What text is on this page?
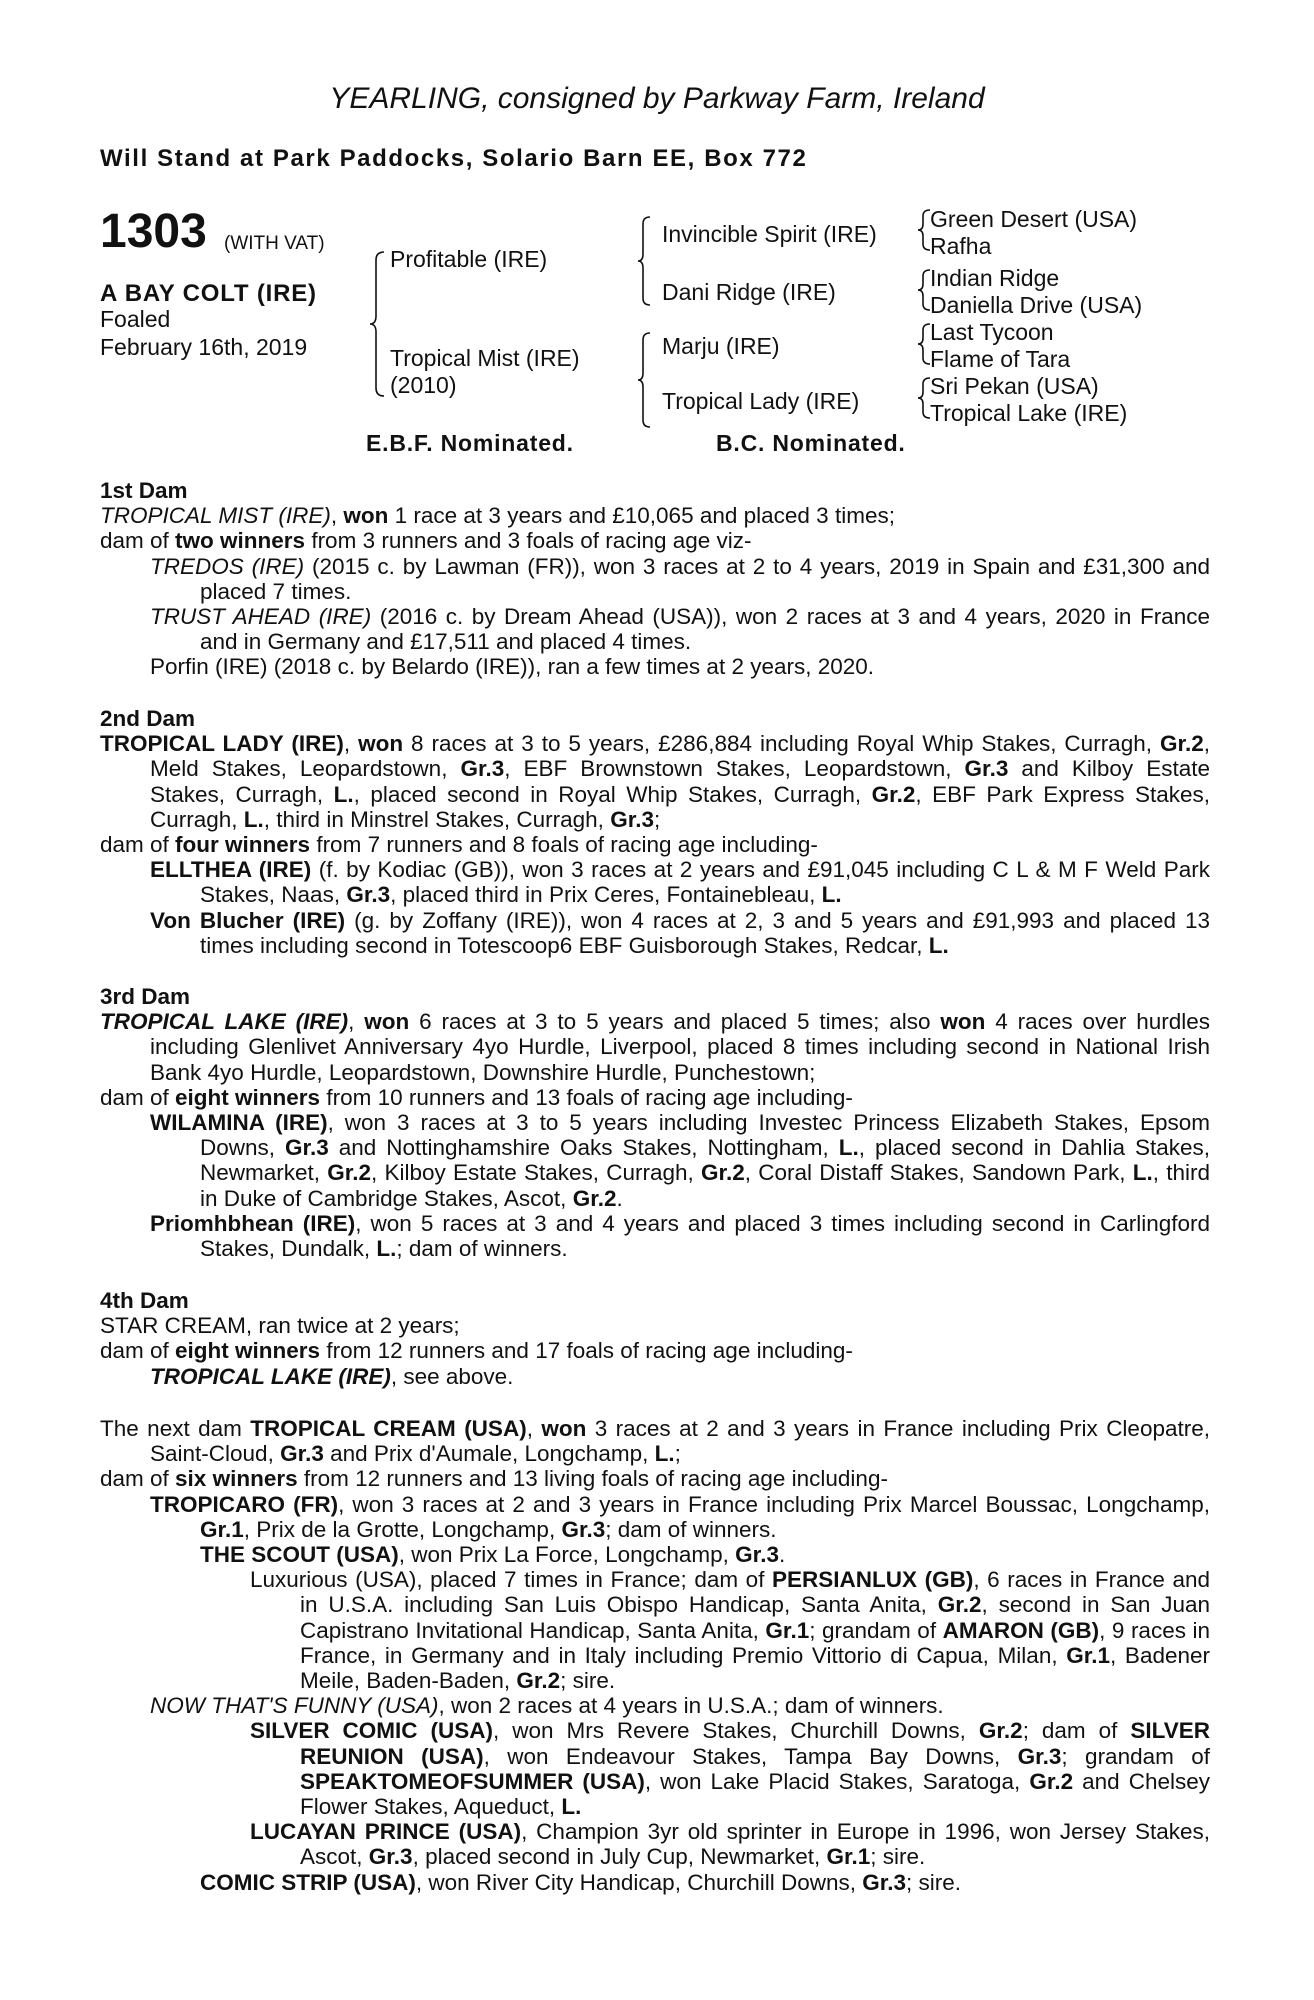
YEARLING, consigned by Parkway Farm, Ireland
Will Stand at Park Paddocks, Solario Barn EE, Box 772
1303 (WITH VAT)
A BAY COLT (IRE)
Foaled
February 16th, 2019
Profitable (IRE)
Tropical Mist (IRE)
(2010)
Invincible Spirit (IRE)
Dani Ridge (IRE)
Marju (IRE)
Tropical Lady (IRE)
Green Desert (USA)
Rafha
Indian Ridge
Daniella Drive (USA)
Last Tycoon
Flame of Tara
Sri Pekan (USA)
Tropical Lake (IRE)
E.B.F. Nominated.	B.C. Nominated.
1st Dam
TROPICAL MIST (IRE), won 1 race at 3 years and £10,065 and placed 3 times;
dam of two winners from 3 runners and 3 foals of racing age viz-
TREDOS (IRE) (2015 c. by Lawman (FR)), won 3 races at 2 to 4 years, 2019 in Spain and £31,300 and placed 7 times.
TRUST AHEAD (IRE) (2016 c. by Dream Ahead (USA)), won 2 races at 3 and 4 years, 2020 in France and in Germany and £17,511 and placed 4 times.
Porfin (IRE) (2018 c. by Belardo (IRE)), ran a few times at 2 years, 2020.
2nd Dam
TROPICAL LADY (IRE), won 8 races at 3 to 5 years, £286,884 including Royal Whip Stakes, Curragh, Gr.2, Meld Stakes, Leopardstown, Gr.3, EBF Brownstown Stakes, Leopardstown, Gr.3 and Kilboy Estate Stakes, Curragh, L., placed second in Royal Whip Stakes, Curragh, Gr.2, EBF Park Express Stakes, Curragh, L., third in Minstrel Stakes, Curragh, Gr.3;
dam of four winners from 7 runners and 8 foals of racing age including-
ELLTHEA (IRE) (f. by Kodiac (GB)), won 3 races at 2 years and £91,045 including C L & M F Weld Park Stakes, Naas, Gr.3, placed third in Prix Ceres, Fontainebleau, L.
Von Blucher (IRE) (g. by Zoffany (IRE)), won 4 races at 2, 3 and 5 years and £91,993 and placed 13 times including second in Totescoop6 EBF Guisborough Stakes, Redcar, L.
3rd Dam
TROPICAL LAKE (IRE), won 6 races at 3 to 5 years and placed 5 times; also won 4 races over hurdles including Glenlivet Anniversary 4yo Hurdle, Liverpool, placed 8 times including second in National Irish Bank 4yo Hurdle, Leopardstown, Downshire Hurdle, Punchestown;
dam of eight winners from 10 runners and 13 foals of racing age including-
WILAMINA (IRE), won 3 races at 3 to 5 years including Investec Princess Elizabeth Stakes, Epsom Downs, Gr.3 and Nottinghamshire Oaks Stakes, Nottingham, L., placed second in Dahlia Stakes, Newmarket, Gr.2, Kilboy Estate Stakes, Curragh, Gr.2, Coral Distaff Stakes, Sandown Park, L., third in Duke of Cambridge Stakes, Ascot, Gr.2.
Priomhbhean (IRE), won 5 races at 3 and 4 years and placed 3 times including second in Carlingford Stakes, Dundalk, L.; dam of winners.
4th Dam
STAR CREAM, ran twice at 2 years;
dam of eight winners from 12 runners and 17 foals of racing age including-
TROPICAL LAKE (IRE), see above.
The next dam TROPICAL CREAM (USA), won 3 races at 2 and 3 years in France including Prix Cleopatre, Saint-Cloud, Gr.3 and Prix d'Aumale, Longchamp, L.;
dam of six winners from 12 runners and 13 living foals of racing age including-
TROPICARO (FR), won 3 races at 2 and 3 years in France including Prix Marcel Boussac, Longchamp, Gr.1, Prix de la Grotte, Longchamp, Gr.3; dam of winners.
THE SCOUT (USA), won Prix La Force, Longchamp, Gr.3.
Luxurious (USA), placed 7 times in France; dam of PERSIANLUX (GB), 6 races in France and in U.S.A. including San Luis Obispo Handicap, Santa Anita, Gr.2, second in San Juan Capistrano Invitational Handicap, Santa Anita, Gr.1; grandam of AMARON (GB), 9 races in France, in Germany and in Italy including Premio Vittorio di Capua, Milan, Gr.1, Badener Meile, Baden-Baden, Gr.2; sire.
NOW THAT'S FUNNY (USA), won 2 races at 4 years in U.S.A.; dam of winners.
SILVER COMIC (USA), won Mrs Revere Stakes, Churchill Downs, Gr.2; dam of SILVER REUNION (USA), won Endeavour Stakes, Tampa Bay Downs, Gr.3; grandam of SPEAKTOMEOFSUMMER (USA), won Lake Placid Stakes, Saratoga, Gr.2 and Chelsey Flower Stakes, Aqueduct, L.
LUCAYAN PRINCE (USA), Champion 3yr old sprinter in Europe in 1996, won Jersey Stakes, Ascot, Gr.3, placed second in July Cup, Newmarket, Gr.1; sire.
COMIC STRIP (USA), won River City Handicap, Churchill Downs, Gr.3; sire.
